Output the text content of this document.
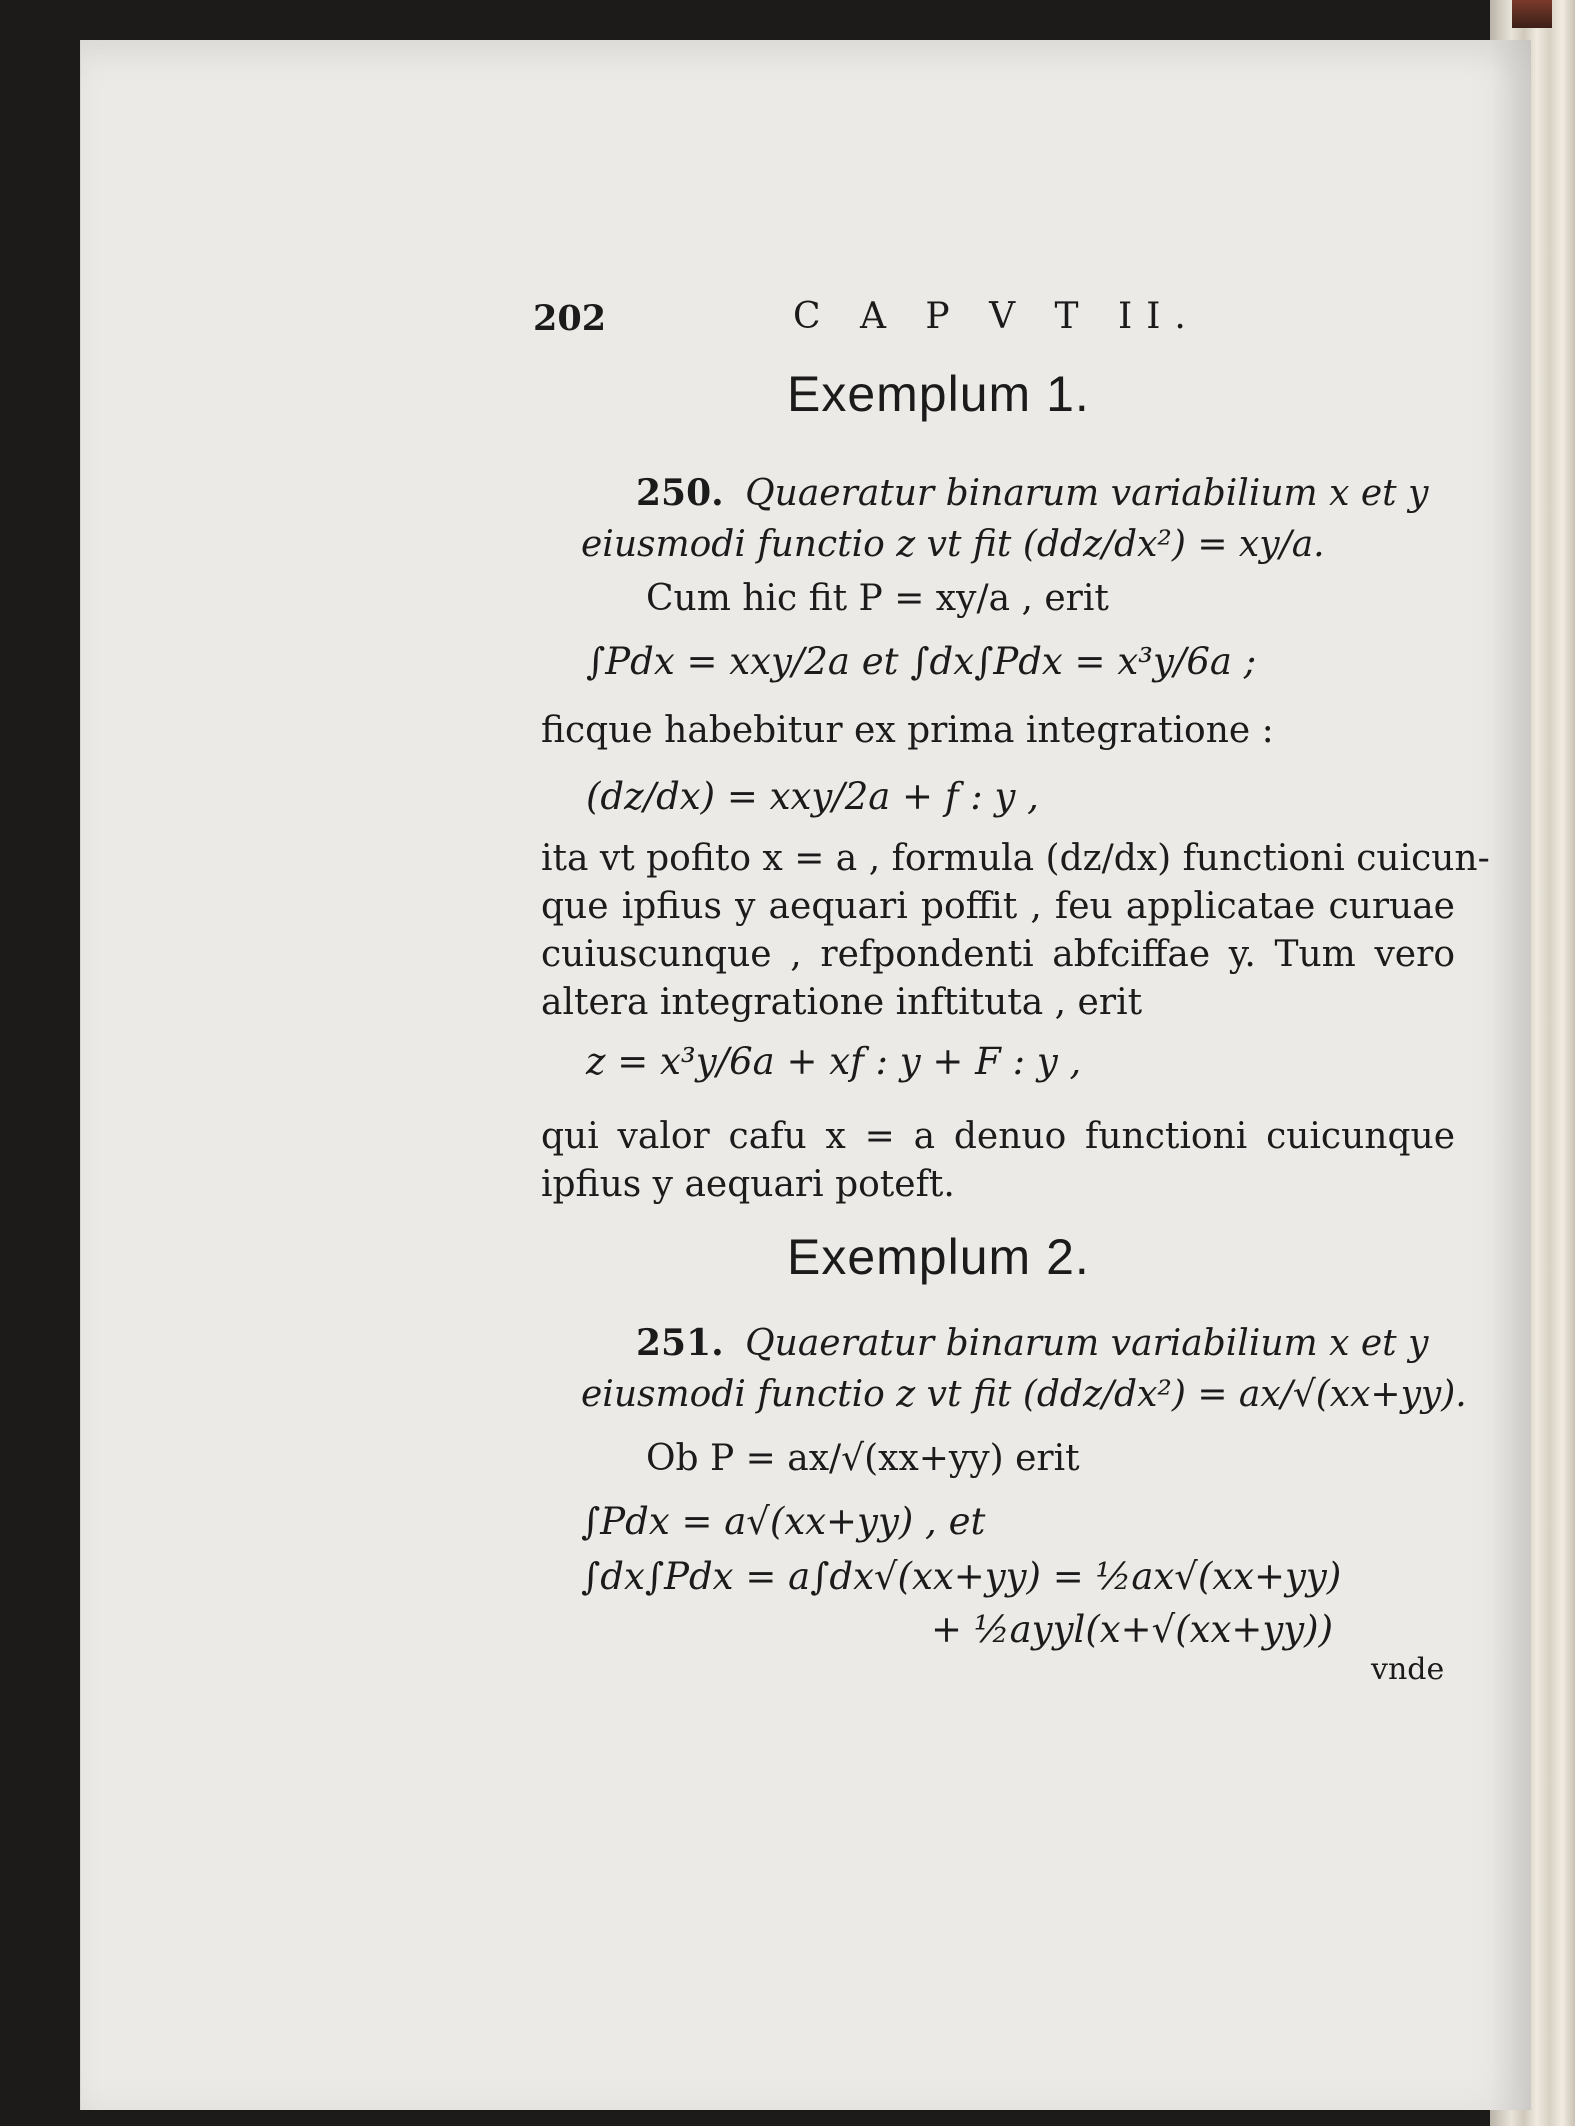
202	C A P V T II.
Exemplum 1.
250. Quaeratur binarum variabilium x et y
eiusmodi functio z vt fit (ddz/dx²) = xy/a.
Cum hic fit P = xy/a , erit
∫Pdx = xxy/2a et ∫dx∫Pdx = x³y/6a ;
ficque habebitur ex prima integratione :
(dz/dx) = xxy/2a + f : y ,
ita vt pofito x = a , formula (dz/dx) functioni cuicun-
que ipfius y aequari poffit , feu applicatae curuae
cuiuscunque , refpondenti abfciffae y. Tum vero
altera integratione inftituta , erit
z = x³y/6a + xf : y + F : y ,
qui valor cafu x = a denuo functioni cuicunque
ipfius y aequari poteft.
Exemplum 2.
251. Quaeratur binarum variabilium x et y
eiusmodi functio z vt fit (ddz/dx²) = ax/√(xx+yy).
Ob P = ax/√(xx+yy) erit
∫Pdx = a√(xx+yy) , et
∫dx∫Pdx = a∫dx√(xx+yy) = ½ax√(xx+yy)
+ ½ayyl(x+√(xx+yy))
vnde
